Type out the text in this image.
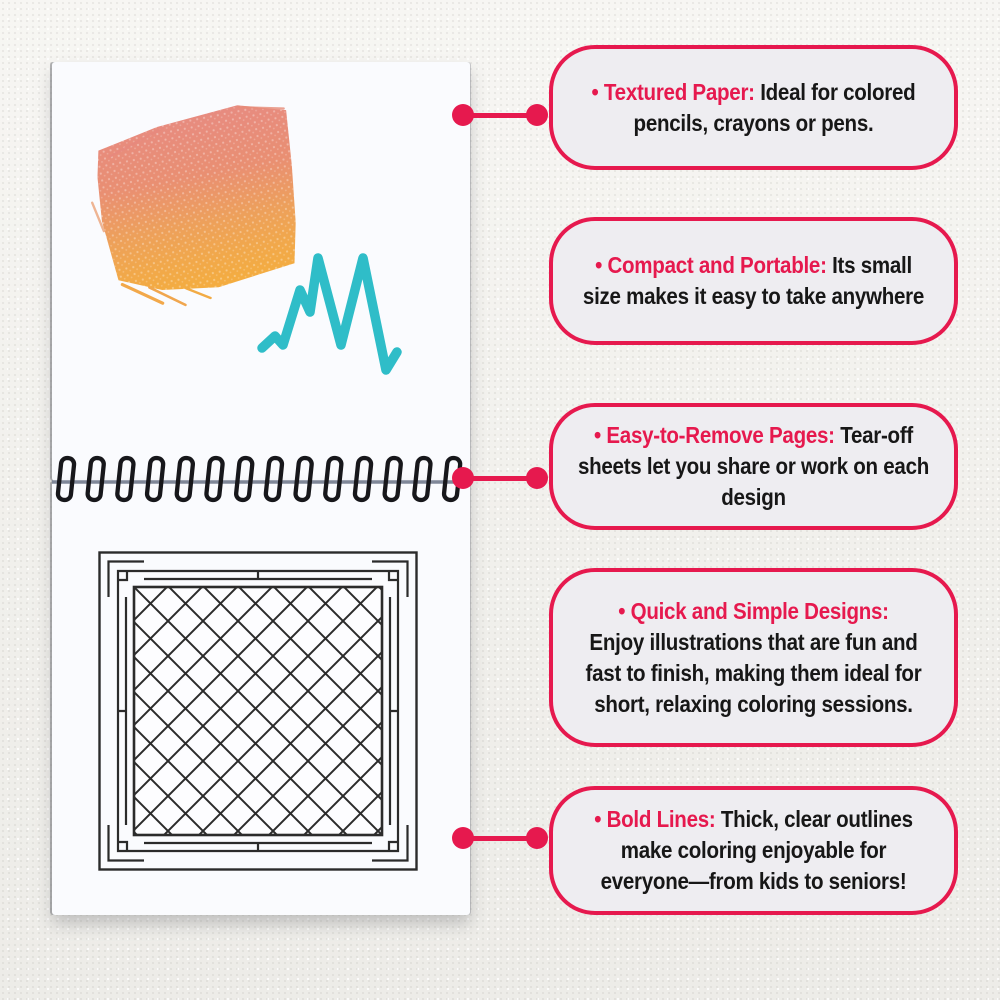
• Textured Paper: Ideal for colored pencils, crayons or pens.

• Compact and Portable: Its small size makes it easy to take anywhere

• Easy-to-Remove Pages: Tear-off sheets let you share or work on each design

• Quick and Simple Designs:
Enjoy illustrations that are fun and fast to finish, making them ideal for short, relaxing coloring sessions.

• Bold Lines: Thick, clear outlines make coloring enjoyable for everyone—from kids to seniors!
